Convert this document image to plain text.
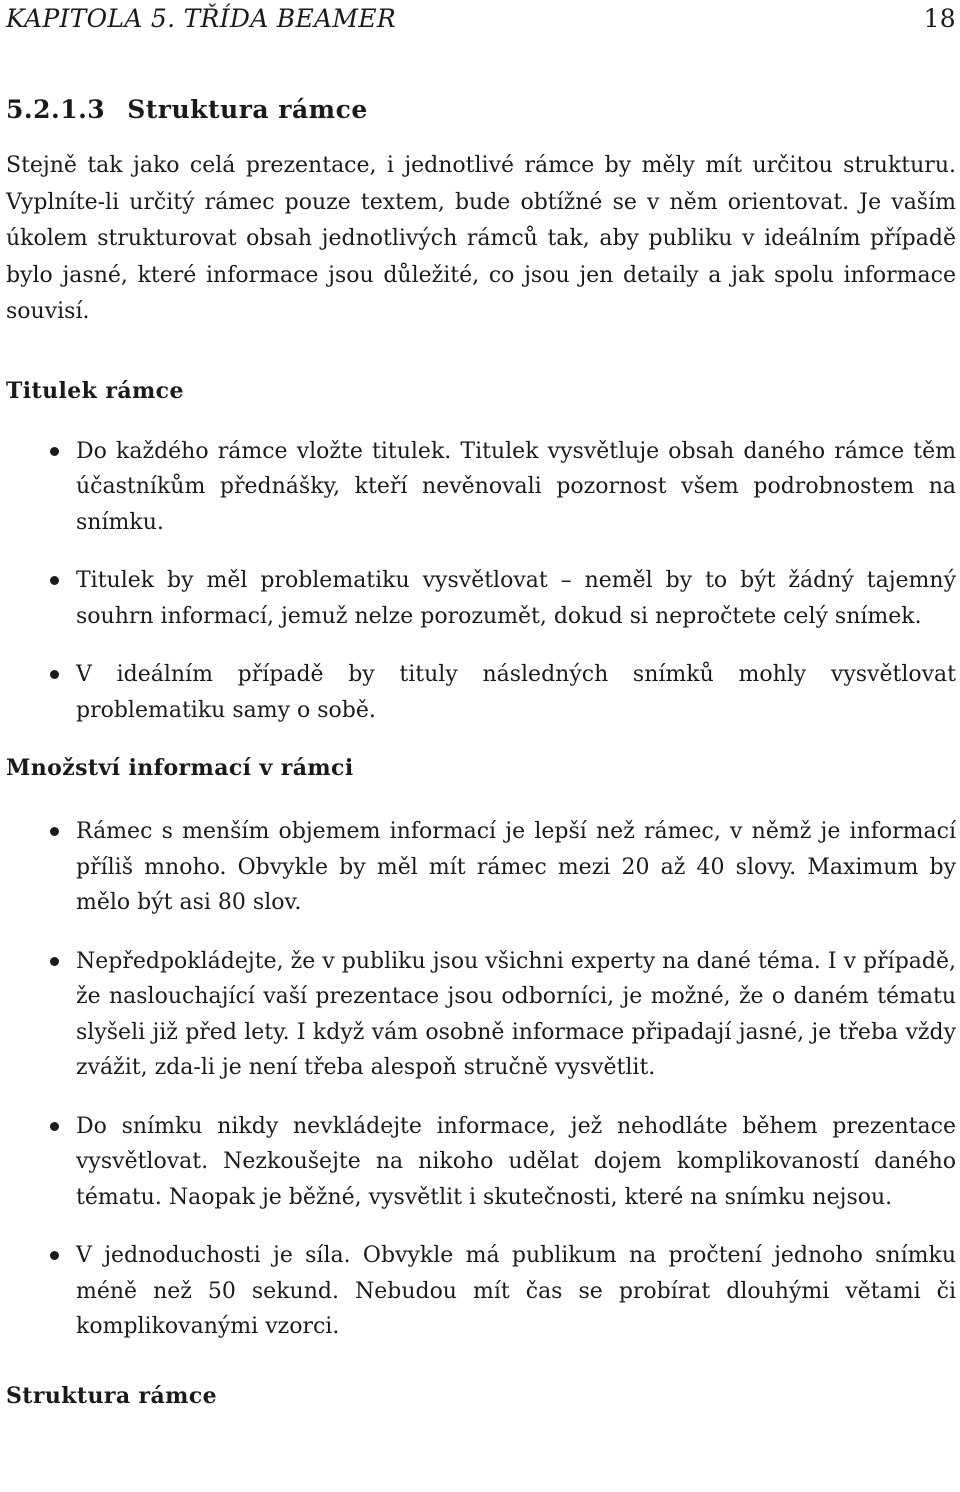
KAPITOLA 5. TŘÍDA BEAMER	18
5.2.1.3 Struktura rámce

Stejně tak jako celá prezentace, i jednotlivé rámce by měly mít určitou strukturu. Vyplníte-li určitý rámec pouze textem, bude obtížné se v něm orientovat. Je vaším úkolem strukturovat obsah jednotlivých rámců tak, aby publiku v ideálním případě bylo jasné, které informace jsou důležité, co jsou jen detaily a jak spolu informace souvisí.

Titulek rámce
Do každého rámce vložte titulek. Titulek vysvětluje obsah daného rámce těm účastníkům přednášky, kteří nevěnovali pozornost všem podrobnostem na snímku.
Titulek by měl problematiku vysvětlovat – neměl by to být žádný tajemný souhrn informací, jemuž nelze porozumět, dokud si nepročtete celý snímek.
V ideálním případě by tituly následných snímků mohly vysvětlovat problematiku samy o sobě.
Množství informací v rámci
Rámec s menším objemem informací je lepší než rámec, v němž je informací příliš mnoho. Obvykle by měl mít rámec mezi 20 až 40 slovy. Maximum by mělo být asi 80 slov.
Nepředpokládejte, že v publiku jsou všichni experty na dané téma. I v případě, že naslouchající vaší prezentace jsou odborníci, je možné, že o daném tématu slyšeli již před lety. I když vám osobně informace připadají jasné, je třeba vždy zvážit, zda-li je není třeba alespoň stručně vysvětlit.
Do snímku nikdy nevkládejte informace, jež nehodláte během prezentace vysvětlovat. Nezkoušejte na nikoho udělat dojem komplikovaností daného tématu. Naopak je běžné, vysvětlit i skutečnosti, které na snímku nejsou.
V jednoduchosti je síla. Obvykle má publikum na pročtení jednoho snímku méně než 50 sekund. Nebudou mít čas se probírat dlouhými větami či komplikovanými vzorci.
Struktura rámce
